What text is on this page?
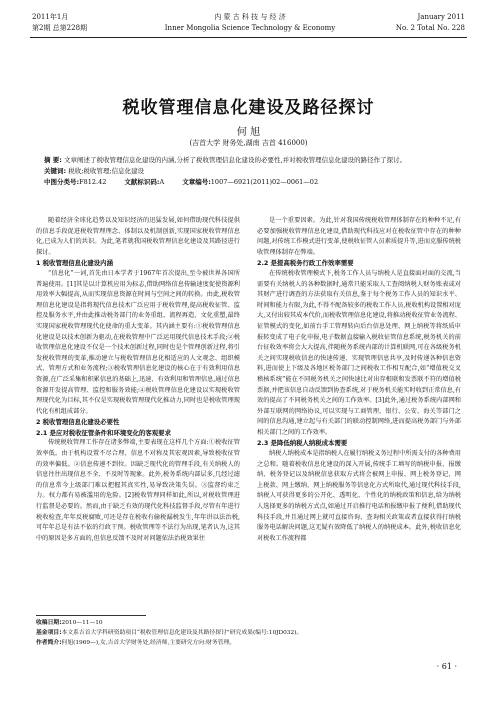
2011年1月
第2期 总第228期
内 蒙 古 科 技 与 经 济
Inner Mongolia Science Technology & Economy
January 2011
No. 2 Total No. 228
税收管理信息化建设及路径探讨
何 旭
(吉首大学 财务处,湖南 吉首 416000)
摘 要: 文章阐述了税收管理信息化建设的内涵,分析了税收管理信息化建设的必要性,并对税收管理信息化建设的路径作了探讨。
关键词: 税收;税收管理;信息化建设
中图分类号:F812.42	文献标识码:A	文章编号:1007—6921(2011)02—0061—02

随着经济全球化趋势以及知识经济的迅猛发展,如何借助现代科技提供的信息手段促进税收管理理念、体制以及机制创新,实现国家税收管理信息化,已成为人们的共识。为此,笔者就我国税收管理信息化建设及其路径进行探讨。

1 税收管理信息化建设内涵

“信息化”一词,首先由日本学者于1967年首次提出,至今被世界各国所普遍使用。[1]其是以计算机应用为标志,借助网络信息传输速度促使资源利用效率大幅提高,从而实现信息资源在时间与空间之间的转换。由此,税收管理信息化建设是指将现代信息技术广泛应用于税收管理,提高税收征管、监控及服务水平,并由此推动税务部门的业务重组、流程再造、文化重塑,最终实现国家税收管理现代化使命的重大变革。其内涵主要有:①税收管理信息化建设是以技术创新为驱动,在税收管理中广泛运用现代信息技术手段;②税收管理信息化建设不仅是一个技术创新过程,同时也是个管理创新过程,将引发税收管理的变革,推动建立与税收管理信息化相适应的人文观念、组织模式、管理方式和业务流程;③税收管理信息化建设的核心在于有效利用信息资源,在广泛采集和积累信息的基础上,迅速、有效利用和管理信息,通过信息资源开发提高管理、监控和服务效能;④税收管理信息化建设以实现税收管理现代化为目标,其不仅是实现税收管理现代化推动力,同时也是税收管理现代化有机组成部分。

2 税收管理信息化建设必要性
2.1 是应对税收征管条件和环境变化的客观要求

传统税收管理工作存在诸多弊端,主要表现在这样几个方面:①税收征管效率低。由于机构设置不尽合理、信息不对称及其宏观因素,导致税收征管的效率偏低。②信息传递不到位。因缺乏现代化的管理手段,有关纳税人的信息往往出现信息不全、不及时等现象。此外,税务系统内部层多,几经过滤的信息常今上级部门难以把握其真实性,易导致决策失误。③监督约束乏力。权力都有易被滥用的危险。[2]税收管理同样如此,所以,对税收管理进行监督是必要的。然而,由于缺乏有效的现代化科技监督手段,尽管有年进行税收检查,年年反税腐败,可还是存在税收有偷税漏税发生,年年讲以法治税,可年年总是有法不依的行政干预。税收管理等不法行为出现,笔者认为,这其中的原因是多方面的,但信息反馈不及时对问题依法治税效果往

是一个重要因素。为此,针对我国传统税收管理体制存在的种种不足,有必要加强税收管理信息化建设,借助现代科技应对在税收征管中存在的种种问题,对传统工作模式进行变革,使税收征管人员素质提升等,进而克服传统税收管理体制存在弊端。

2.2 是提高税务行政工作效率需要

在传统税收管理模式下,税务工作人员与纳税人是直接面对面的交流,当需要有关纳税人的各种数据时,通常只能采取人工查阅纳税人财务账表或对其财产进行调查的方法获取有关信息,鉴于每个税务工作人员的知识水平、时间和能力有限,为此,不得不配备较多的税收工作人员,税收机构设置相对庞大,又付出较其成本代价,而税收管理信息化建设,将推动税收征管业务流程、征管模式的变化,如前台手工管理转向后台信息处理、网上纳税等将纸质申报转变成了电子化申报,电子数据直接输入税收征管信息系统,税务机关的前台征收效率将会大大提高,伴随税务系统内部的计算机联网,可在各级税务机关之间实现税收信息的快速传递、实现管理信息共享,及时传递各种信息资料,进而使上下级及各地区税务部门之间税收工作相互配合,如“增值税交叉稽核系统”能在不同税务机关之间快速比对出存根联和发票联不符的增值税票据,并把该信息自动反馈到协查系统,对于税务机关能实时收到正常信息,有效的提高了不同税务机关之间的工作效率。[3]此外,通过税务系统内部网和外部互联网的网络协议,可以实现与工商管理、银行、公安、海关等部门之间的信息沟通,建立起与有关部门的联动控制网络,进而提高税务部门与外部相关部门之间的工作效率。

2.3 是降低纳税人纳税成本需要

纳税人纳税成本是指纳税人在履行纳税义务过程中所需支付的各种费用之总和。随着税收信息化建设的深入开展,传统手工填写的纳税申报、报缴纳、税务登记以及纳税信息获取方式将会被网上申报、网上税务登记、网上税款、网上缴纳、网上纳税服务等信息化方式所取代,通过现代科技手段,纳税人可获得更多的公开化、透明化、个性化的纳税政策和信息,给为纳税人选择更多的纳税方式点,如通过开启推行电话和报缴申报了便利,借助现代科技手段,并且通过网上就可直接咨询、查询相关政策或者直接获得打纳税服务电话解决问题,这无疑有效降低了纳税人的纳税成本。此外,税收信息化对税收工作流程都

收稿日期:2010—11—10
基金项目:本文系吉首大学科研资助项目“税收管理信息化建设及其路径探讨”研究成果(编号:10JD032)。
作者简介:何旭(1969—),女,吉首大学财务处,经济师,主要研究方向:财务管理。
· 61 ·
